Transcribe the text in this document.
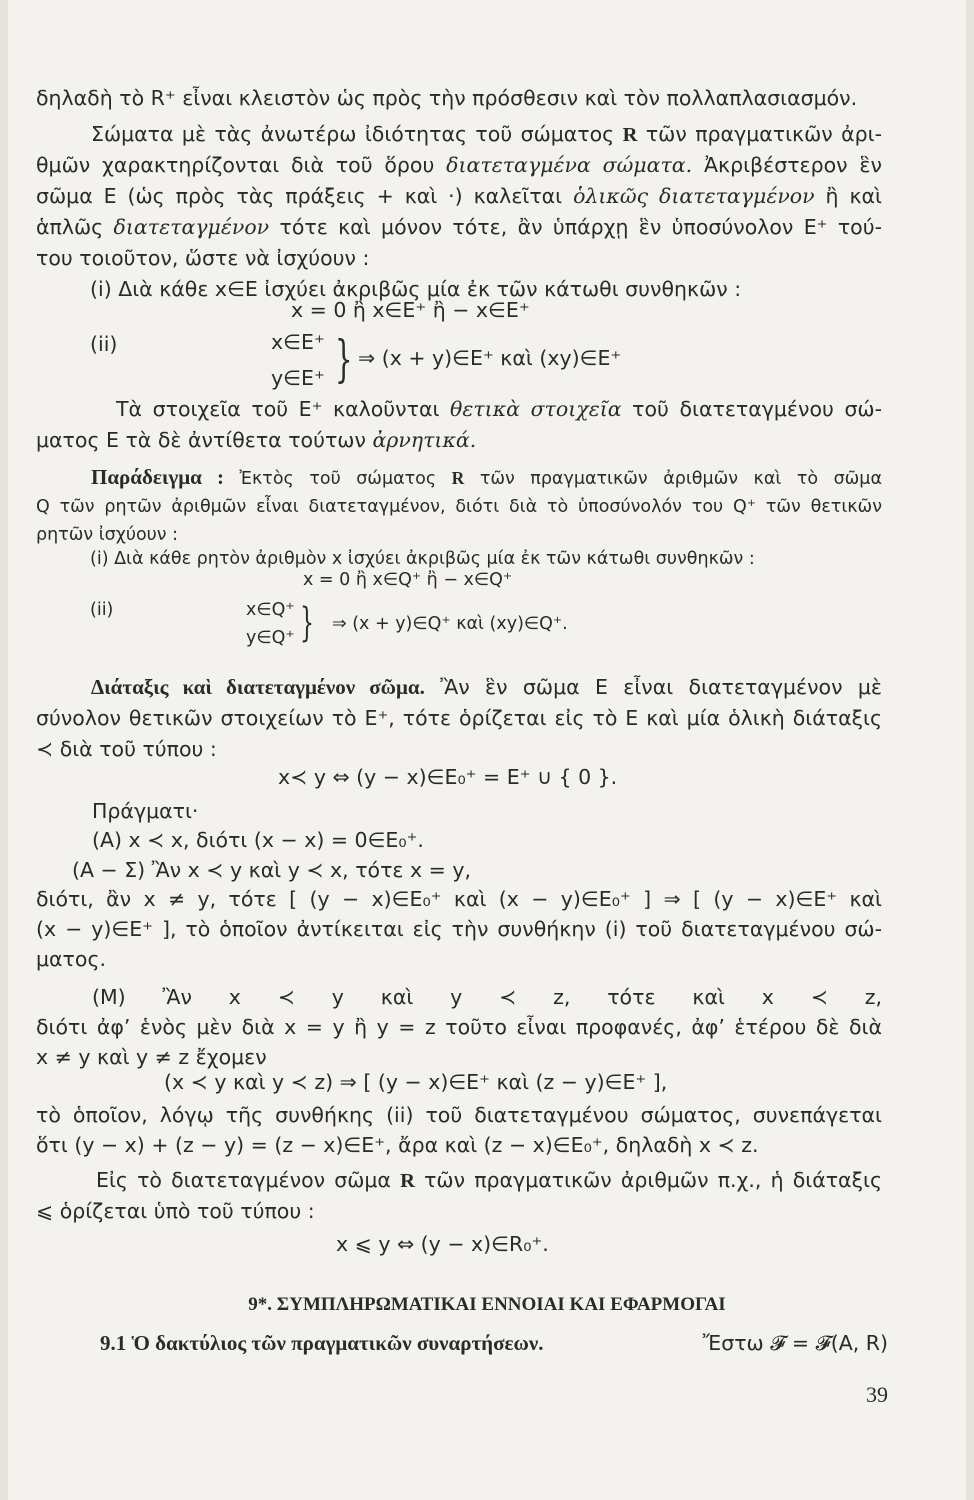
δηλαδὴ τὸ R⁺ εἶναι κλειστὸν ὡς πρὸς τὴν πρόσθεσιν καὶ τὸν πολλαπλασιασμόν.
Σώματα μὲ τὰς ἀνωτέρω ἰδιότητας τοῦ σώματος R τῶν πραγματικῶν ἀρι-
θμῶν χαρακτηρίζονται διὰ τοῦ ὅρου διατεταγμένα σώματα. Ἀκριβέστερον ἓν
σῶμα E (ὡς πρὸς τὰς πράξεις + καὶ ·) καλεῖται ὁλικῶς διατεταγμένον ἢ καὶ
ἁπλῶς διατεταγμένον τότε καὶ μόνον τότε, ἂν ὑπάρχῃ ἓν ὑποσύνολον E⁺ τού-
του τοιοῦτον, ὥστε νὰ ἰσχύουν :
(i) Διὰ κάθε x∈E ἰσχύει ἀκριβῶς μία ἐκ τῶν κάτωθι συνθηκῶν :
x = 0 ἢ x∈E⁺ ἢ − x∈E⁺
(ii)	x∈E⁺
y∈E⁺ } ⇒ (x + y)∈E⁺ καὶ (xy)∈E⁺
Τὰ στοιχεῖα τοῦ E⁺ καλοῦνται θετικὰ στοιχεῖα τοῦ διατεταγμένου σώ-
ματος E τὰ δὲ ἀντίθετα τούτων ἀρνητικά.
Παράδειγμα : Ἐκτὸς τοῦ σώματος R τῶν πραγματικῶν ἀριθμῶν καὶ τὸ σῶμα
Q τῶν ρητῶν ἀριθμῶν εἶναι διατεταγμένον, διότι διὰ τὸ ὑποσύνολόν του Q⁺ τῶν θετικῶν
ρητῶν ἰσχύουν :
(i) Διὰ κάθε ρητὸν ἀριθμὸν x ἰσχύει ἀκριβῶς μία ἐκ τῶν κάτωθι συνθηκῶν :
x = 0 ἢ x∈Q⁺ ἢ − x∈Q⁺
(ii)	x∈Q⁺
y∈Q⁺ } ⇒ (x + y)∈Q⁺ καὶ (xy)∈Q⁺.
Διάταξις καὶ διατεταγμένον σῶμα. Ἂν ἓν σῶμα E εἶναι διατεταγμένον μὲ
σύνολον θετικῶν στοιχείων τὸ E⁺, τότε ὁρίζεται εἰς τὸ E καὶ μία ὁλικὴ διάταξις
≺ διὰ τοῦ τύπου :
x≺ y ⇔ (y − x)∈E₀⁺ = E⁺ ∪ { 0 }.
Πράγματι·
(A) x ≺ x, διότι (x − x) = 0∈E₀⁺.
(A − Σ) Ἂν x ≺ y καὶ y ≺ x, τότε x = y,
διότι, ἂν x ≠ y, τότε [ (y − x)∈E₀⁺ καὶ (x − y)∈E₀⁺ ] ⇒ [ (y − x)∈E⁺ καὶ
(x − y)∈E⁺ ], τὸ ὁποῖον ἀντίκειται εἰς τὴν συνθήκην (i) τοῦ διατεταγμένου σώ-
ματος.
(M) Ἂν x ≺ y καὶ y ≺ z, τότε καὶ x ≺ z,
διότι ἀφ’ ἑνὸς μὲν διὰ x = y ἢ y = z τοῦτο εἶναι προφανές, ἀφ’ ἑτέρου δὲ διὰ
x ≠ y καὶ y ≠ z ἔχομεν
(x ≺ y καὶ y ≺ z) ⇒ [ (y − x)∈E⁺ καὶ (z − y)∈E⁺ ],
τὸ ὁποῖον, λόγῳ τῆς συνθήκης (ii) τοῦ διατεταγμένου σώματος, συνεπάγεται
ὅτι (y − x) + (z − y) = (z − x)∈E⁺, ἄρα καὶ (z − x)∈E₀⁺, δηλαδὴ x ≺ z.
Εἰς τὸ διατεταγμένον σῶμα R τῶν πραγματικῶν ἀριθμῶν π.χ., ἡ διάταξις
⩽ ὁρίζεται ὑπὸ τοῦ τύπου :
x ⩽ y ⇔ (y − x)∈R₀⁺.
9*. ΣΥΜΠΛΗΡΩΜΑΤΙΚΑΙ ΕΝΝΟΙΑΙ ΚΑΙ ΕΦΑΡΜΟΓΑΙ
9.1 Ὁ δακτύλιος τῶν πραγματικῶν συναρτήσεων.	Ἔστω 𝓕 = 𝓕(A, R)
39
